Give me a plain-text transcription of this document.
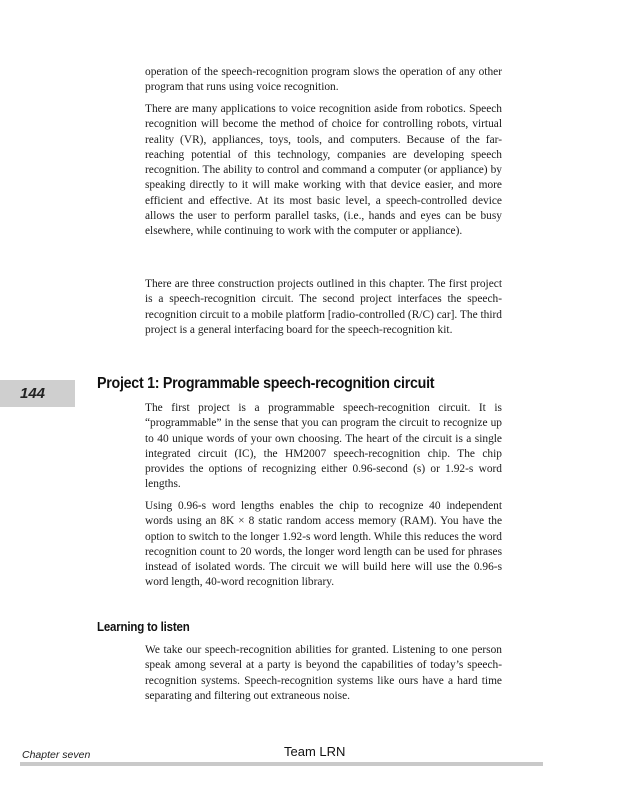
operation of the speech-recognition program slows the operation of any other program that runs using voice recognition.

There are many applications to voice recognition aside from robotics. Speech recognition will become the method of choice for controlling robots, virtual reality (VR), appliances, toys, tools, and computers. Because of the far-reaching potential of this technology, companies are developing speech recognition. The ability to control and command a computer (or appliance) by speaking directly to it will make working with that device easier, and more efficient and effective. At its most basic level, a speech-controlled device allows the user to perform parallel tasks, (i.e., hands and eyes can be busy elsewhere, while continuing to work with the computer or appliance).

There are three construction projects outlined in this chapter. The first project is a speech-recognition circuit. The second project interfaces the speech-recognition circuit to a mobile platform [radio-controlled (R/C) car]. The third project is a general interfacing board for the speech-recognition kit.

144
Project 1: Programmable speech-recognition circuit

The first project is a programmable speech-recognition circuit. It is “programmable” in the sense that you can program the circuit to recognize up to 40 unique words of your own choosing. The heart of the circuit is a single integrated circuit (IC), the HM2007 speech-recognition chip. The chip provides the options of recognizing either 0.96-second (s) or 1.92-s word lengths.

Using 0.96-s word lengths enables the chip to recognize 40 independent words using an 8K × 8 static random access memory (RAM). You have the option to switch to the longer 1.92-s word length. While this reduces the word recognition count to 20 words, the longer word length can be used for phrases instead of isolated words. The circuit we will build here will use the 0.96-s word length, 40-word recognition library.

Learning to listen

We take our speech-recognition abilities for granted. Listening to one person speak among several at a party is beyond the capabilities of today’s speech-recognition systems. Speech-recognition systems like ours have a hard time separating and filtering out extraneous noise.

Chapter seven	Team LRN
